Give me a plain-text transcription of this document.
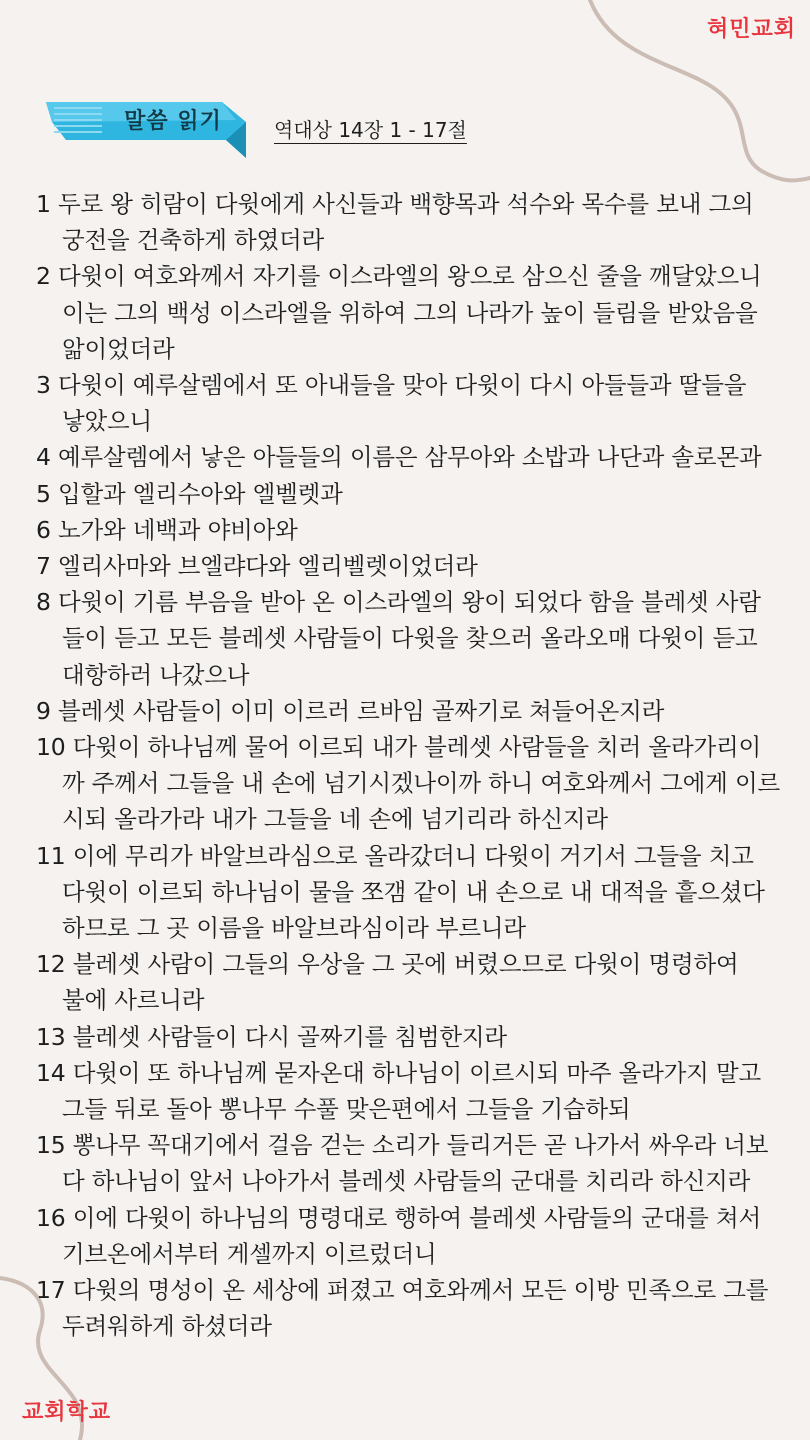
혀민교회
말씀 읽기	역대상 14장 1 - 17절
1 두로 왕 히람이 다윗에게 사신들과 백향목과 석수와 목수를 보내 그의
궁전을 건축하게 하였더라
2 다윗이 여호와께서 자기를 이스라엘의 왕으로 삼으신 줄을 깨달았으니
이는 그의 백성 이스라엘을 위하여 그의 나라가 높이 들림을 받았음을
앎이었더라
3 다윗이 예루살렘에서 또 아내들을 맞아 다윗이 다시 아들들과 딸들을
낳았으니
4 예루살렘에서 낳은 아들들의 이름은 삼무아와 소밥과 나단과 솔로몬과
5 입할과 엘리수아와 엘벨렛과
6 노가와 네백과 야비아와
7 엘리사마와 브엘랴다와 엘리벨렛이었더라
8 다윗이 기름 부음을 받아 온 이스라엘의 왕이 되었다 함을 블레셋 사람
들이 듣고 모든 블레셋 사람들이 다윗을 찾으러 올라오매 다윗이 듣고
대항하러 나갔으나
9 블레셋 사람들이 이미 이르러 르바임 골짜기로 쳐들어온지라
10 다윗이 하나님께 물어 이르되 내가 블레셋 사람들을 치러 올라가리이
까 주께서 그들을 내 손에 넘기시겠나이까 하니 여호와께서 그에게 이르
시되 올라가라 내가 그들을 네 손에 넘기리라 하신지라
11 이에 무리가 바알브라심으로 올라갔더니 다윗이 거기서 그들을 치고
다윗이 이르되 하나님이 물을 쪼갬 같이 내 손으로 내 대적을 흩으셨다
하므로 그 곳 이름을 바알브라심이라 부르니라
12 블레셋 사람이 그들의 우상을 그 곳에 버렸으므로 다윗이 명령하여
불에 사르니라
13 블레셋 사람들이 다시 골짜기를 침범한지라
14 다윗이 또 하나님께 묻자온대 하나님이 이르시되 마주 올라가지 말고
그들 뒤로 돌아 뽕나무 수풀 맞은편에서 그들을 기습하되
15 뽕나무 꼭대기에서 걸음 걷는 소리가 들리거든 곧 나가서 싸우라 너보
다 하나님이 앞서 나아가서 블레셋 사람들의 군대를 치리라 하신지라
16 이에 다윗이 하나님의 명령대로 행하여 블레셋 사람들의 군대를 쳐서
기브온에서부터 게셀까지 이르렀더니
17 다윗의 명성이 온 세상에 퍼졌고 여호와께서 모든 이방 민족으로 그를
두려워하게 하셨더라
교회학교
